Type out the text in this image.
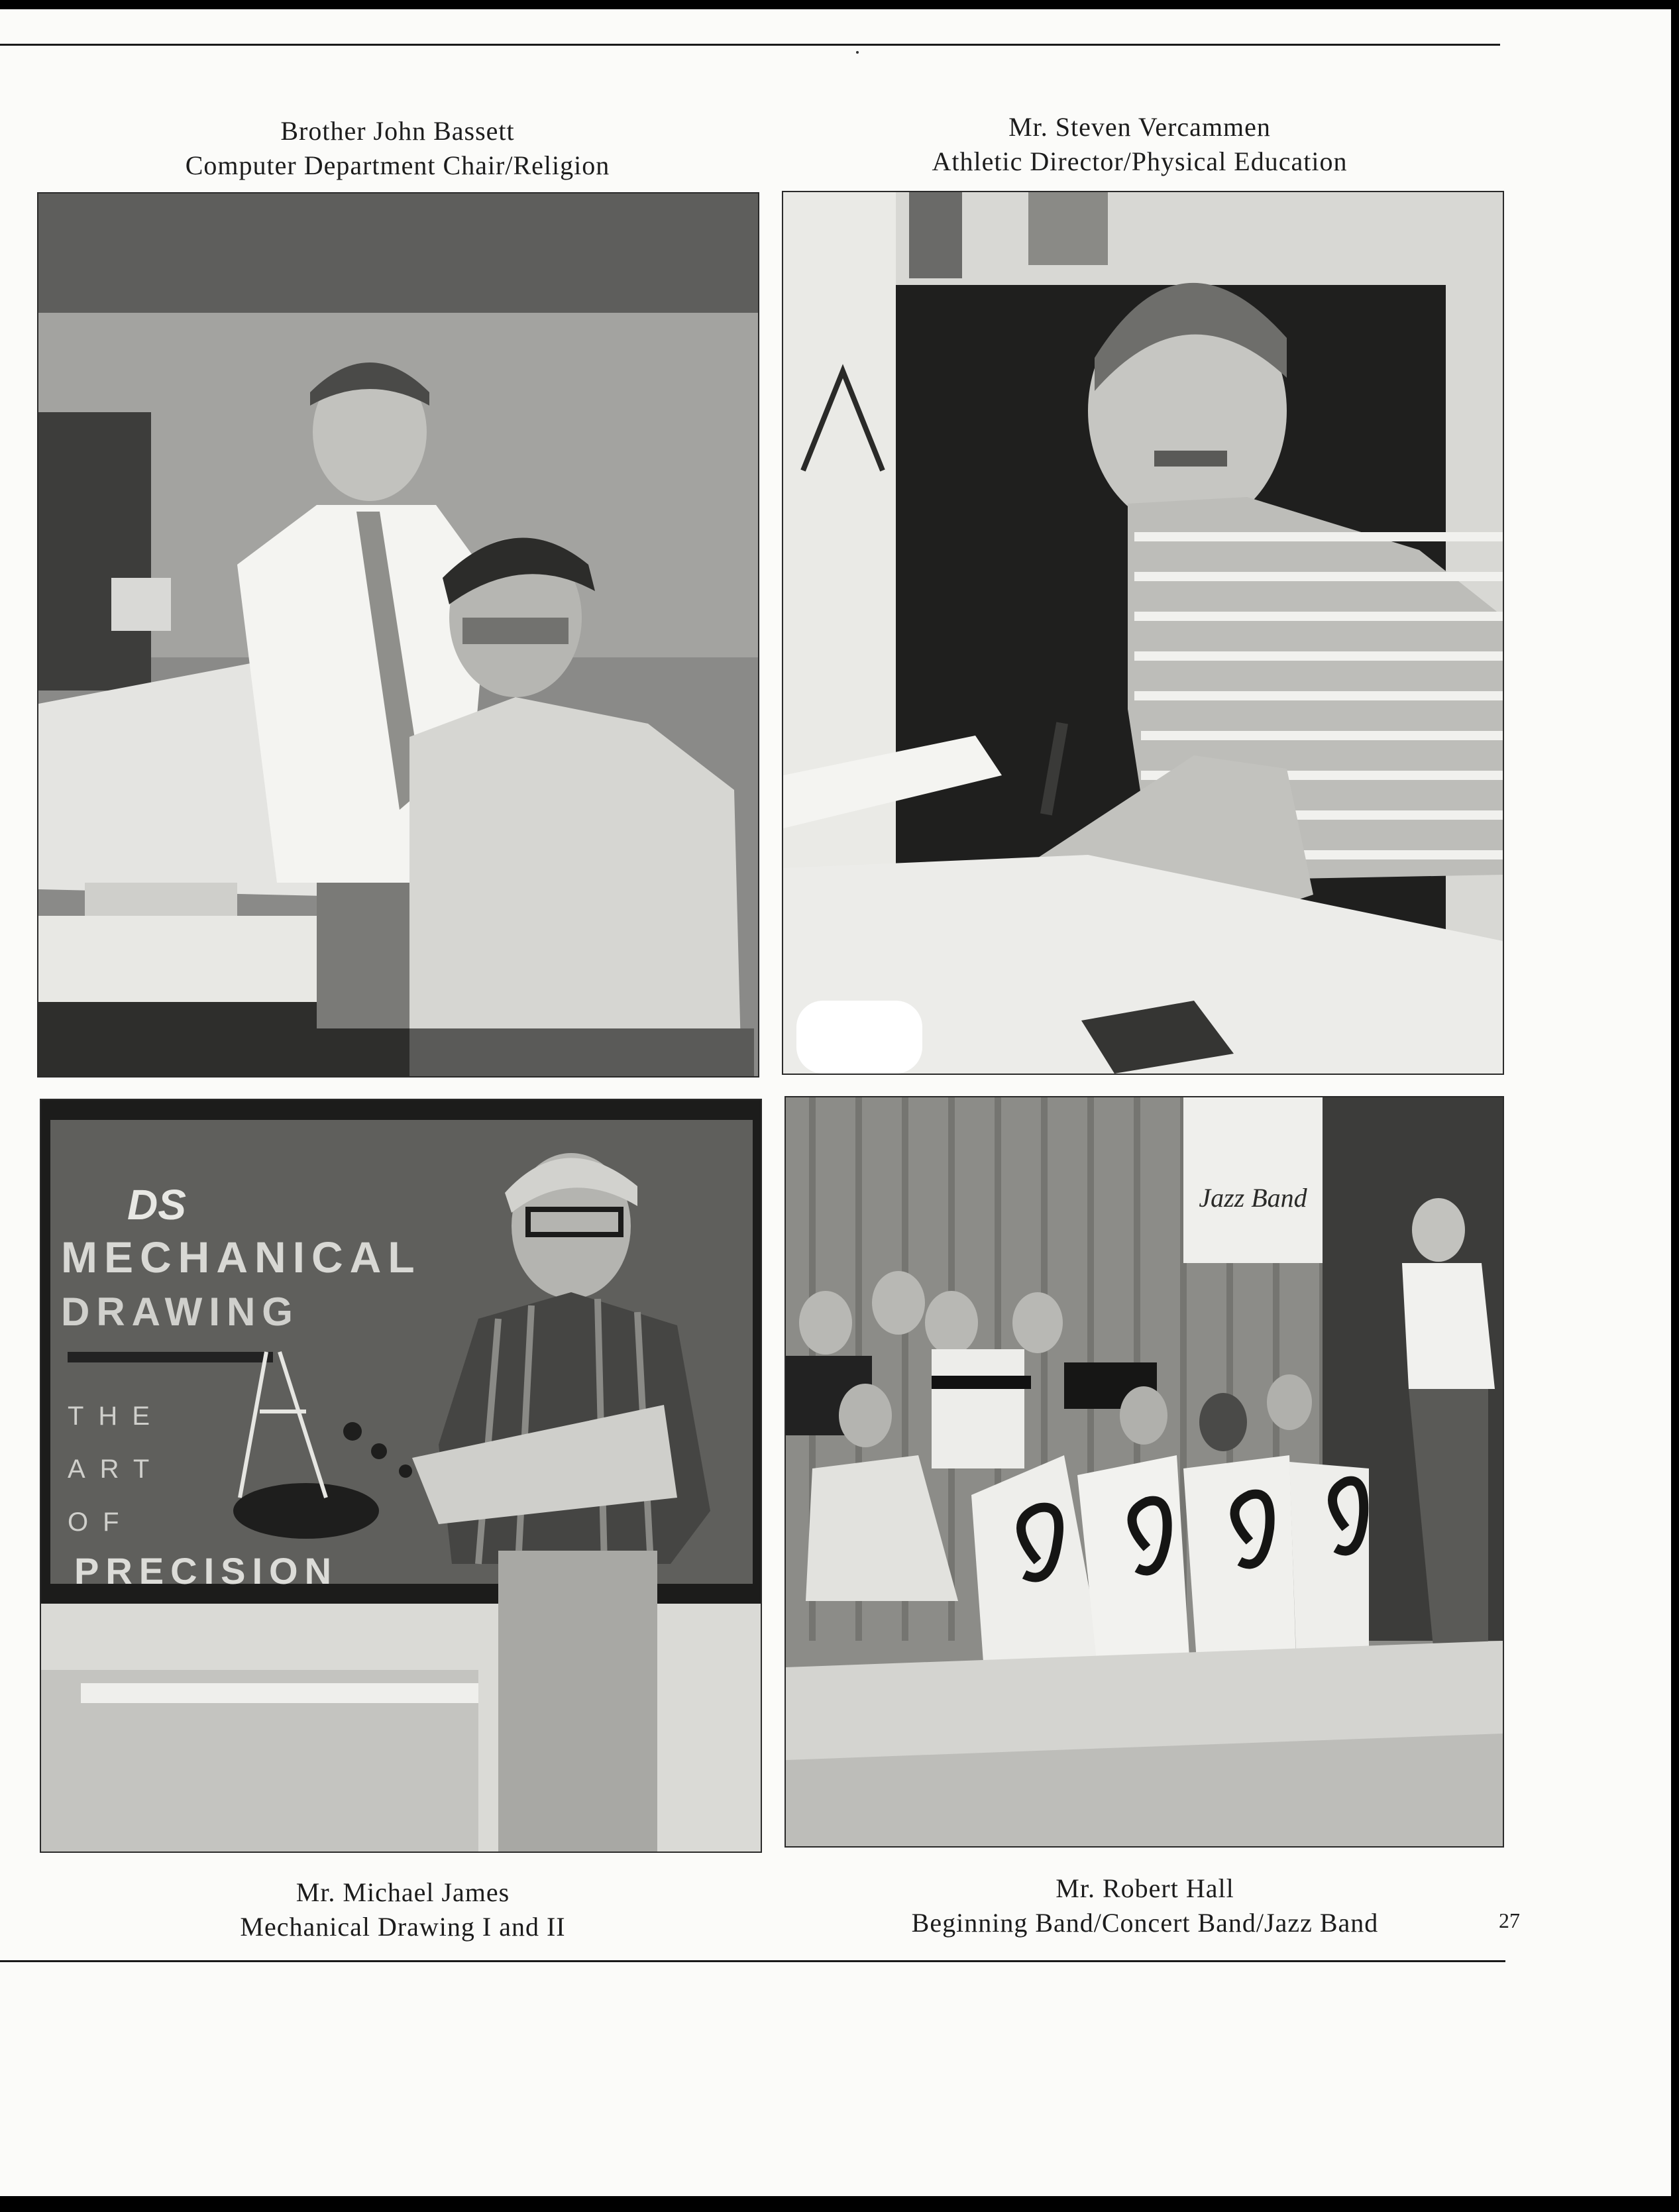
Brother John Bassett
Computer Department Chair/Religion
Mr. Steven Vercammen
Athletic Director/Physical Education
DS
MECHANICAL
DRAWING
THE
ART
OF
PRECISION
Jazz Band
Mr. Michael James
Mechanical Drawing I and II
Mr. Robert Hall
Beginning Band/Concert Band/Jazz Band	27
